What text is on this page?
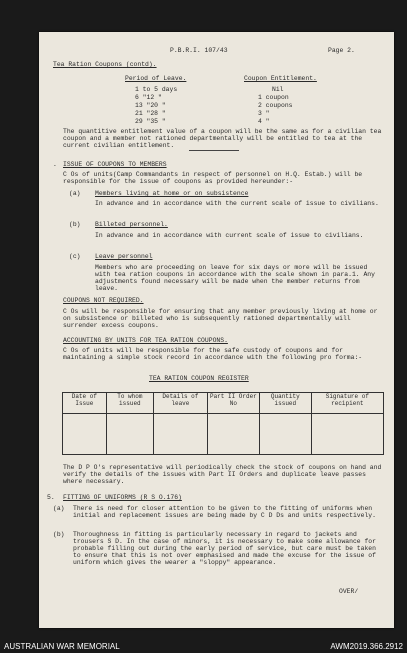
P.B.R.I. 107/43	Page 2.
Tea Ration Coupons (contd).
Period of Leave.	Coupon Entitlement.
1 to 5 days	Nil
6 "12 "	1 coupon
13 "20 "	2 coupons
21 "28 "	3 "
29 "35 "	4 "
The quantitive entitlement value of a coupon will be the same as for a civilian tea coupon and a member not rationed departmentally will be entitled to tea at the current civilian entitlement.
. ISSUE OF COUPONS TO MEMBERS
C Os of units(Camp Commandants in respect of personnel on H.Q. Estab.) will be responsible for the issue of coupons as provided hereunder:-
(a) Members living at home or on subsistence
In advance and in accordance with the current scale of issue to civilians.
(b) Billeted personnel.
In advance and in accordance with current scale of issue to civilians.
(c) Leave personnel
Members who are proceeding on leave for six days or more will be issued with tea ration coupons in accordance with the scale shown in para.1. Any adjustments found necessary will be made when the member returns from leave.
COUPONS NOT REQUIRED.
C Os will be responsible for ensuring that any member previously living at home or on subsistence or billeted who is subsequently rationed departmentally will surrender excess coupons.
ACCOUNTING BY UNITS FOR TEA RATION COUPONS.
C Os of units will be responsible for the safe custody of coupons and for maintaining a simple stock record in accordance with the following pro forma:-
TEA RATION COUPON REGISTER
Date of Issue	To whom issued	Details of leave	Part II Order No	Quantity issued	Signature of recipient

The D P O's representative will periodically check the stock of coupons on hand and verify the details of the issues with Part II Orders and duplicate leave passes where necessary.
5. FITTING OF UNIFORMS (R S O.176)
(a) There is need for closer attention to be given to the fitting of uniforms when initial and replacement issues are being made by C D Ds and units respectively.
(b) Thoroughness in fitting is particularly necessary in regard to jackets and trousers S D. In the case of minors, it is necessary to make some allowance for probable filling out during the early period of service, but care must be taken to ensure that this is not over emphasised and made the excuse for the issue of uniform which gives the wearer a "sloppy" appearance.
OVER/
AUSTRALIAN WAR MEMORIAL	AWM2019.366.2912
